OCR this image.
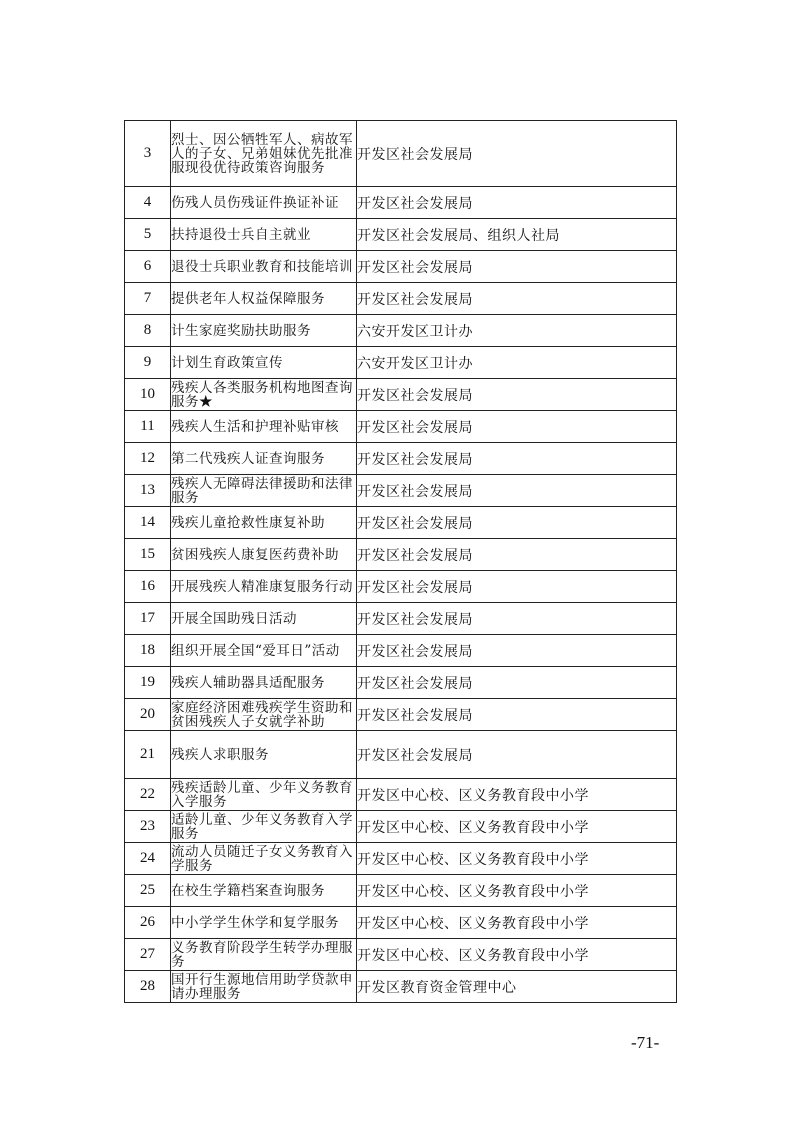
3	烈士、因公牺牲军人、病故军人的子女、兄弟姐妹优先批准服现役优待政策咨询服务	开发区社会发展局
4	伤残人员伤残证件换证补证	开发区社会发展局
5	扶持退役士兵自主就业	开发区社会发展局、组织人社局
6	退役士兵职业教育和技能培训	开发区社会发展局
7	提供老年人权益保障服务	开发区社会发展局
8	计生家庭奖励扶助服务	六安开发区卫计办
9	计划生育政策宣传	六安开发区卫计办
10	残疾人各类服务机构地图查询服务★	开发区社会发展局
11	残疾人生活和护理补贴审核	开发区社会发展局
12	第二代残疾人证查询服务	开发区社会发展局
13	残疾人无障碍法律援助和法律服务	开发区社会发展局
14	残疾儿童抢救性康复补助	开发区社会发展局
15	贫困残疾人康复医药费补助	开发区社会发展局
16	开展残疾人精准康复服务行动	开发区社会发展局
17	开展全国助残日活动	开发区社会发展局
18	组织开展全国“爱耳日”活动	开发区社会发展局
19	残疾人辅助器具适配服务	开发区社会发展局
20	家庭经济困难残疾学生资助和贫困残疾人子女就学补助	开发区社会发展局
21	残疾人求职服务	开发区社会发展局
22	残疾适龄儿童、少年义务教育入学服务	开发区中心校、区义务教育段中小学
23	适龄儿童、少年义务教育入学服务	开发区中心校、区义务教育段中小学
24	流动人员随迁子女义务教育入学服务	开发区中心校、区义务教育段中小学
25	在校生学籍档案查询服务	开发区中心校、区义务教育段中小学
26	中小学学生休学和复学服务	开发区中心校、区义务教育段中小学
27	义务教育阶段学生转学办理服务	开发区中心校、区义务教育段中小学
28	国开行生源地信用助学贷款申请办理服务	开发区教育资金管理中心
-71-
